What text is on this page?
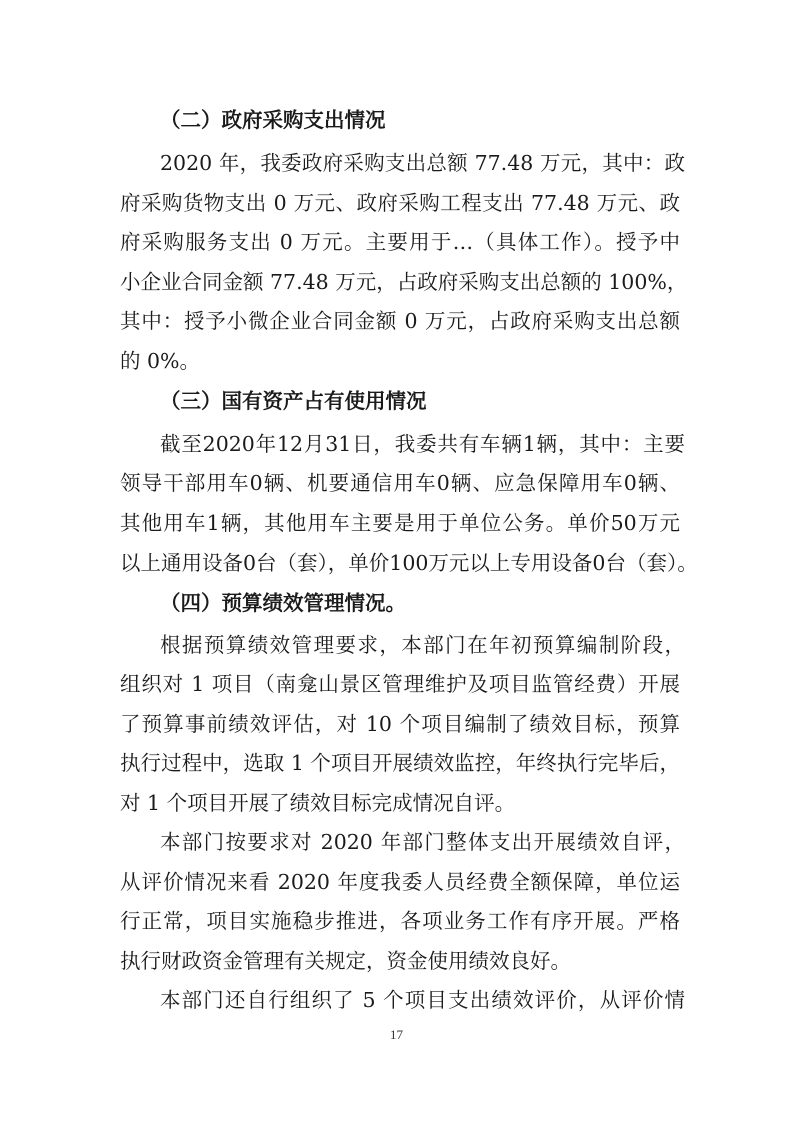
（二）政府采购支出情况
2020 年，我委政府采购支出总额 77.48 万元，其中：政
府采购货物支出 0 万元、政府采购工程支出 77.48 万元、政
府采购服务支出 0 万元。主要用于…（具体工作）。授予中
小企业合同金额 77.48 万元，占政府采购支出总额的 100%，
其中：授予小微企业合同金额 0 万元，占政府采购支出总额
的 0%。
（三）国有资产占有使用情况
截至2020年12月31日，我委共有车辆1辆，其中：主要
领导干部用车0辆、机要通信用车0辆、应急保障用车0辆、
其他用车1辆，其他用车主要是用于单位公务。单价50万元
以上通用设备0台（套），单价100万元以上专用设备0台（套）。
（四）预算绩效管理情况。
根据预算绩效管理要求，本部门在年初预算编制阶段，
组织对 1 项目（南龛山景区管理维护及项目监管经费）开展
了预算事前绩效评估，对 10 个项目编制了绩效目标，预算
执行过程中，选取 1 个项目开展绩效监控，年终执行完毕后，
对 1 个项目开展了绩效目标完成情况自评。
本部门按要求对 2020 年部门整体支出开展绩效自评，
从评价情况来看 2020 年度我委人员经费全额保障，单位运
行正常，项目实施稳步推进，各项业务工作有序开展。严格
执行财政资金管理有关规定，资金使用绩效良好。
本部门还自行组织了 5 个项目支出绩效评价，从评价情
17
